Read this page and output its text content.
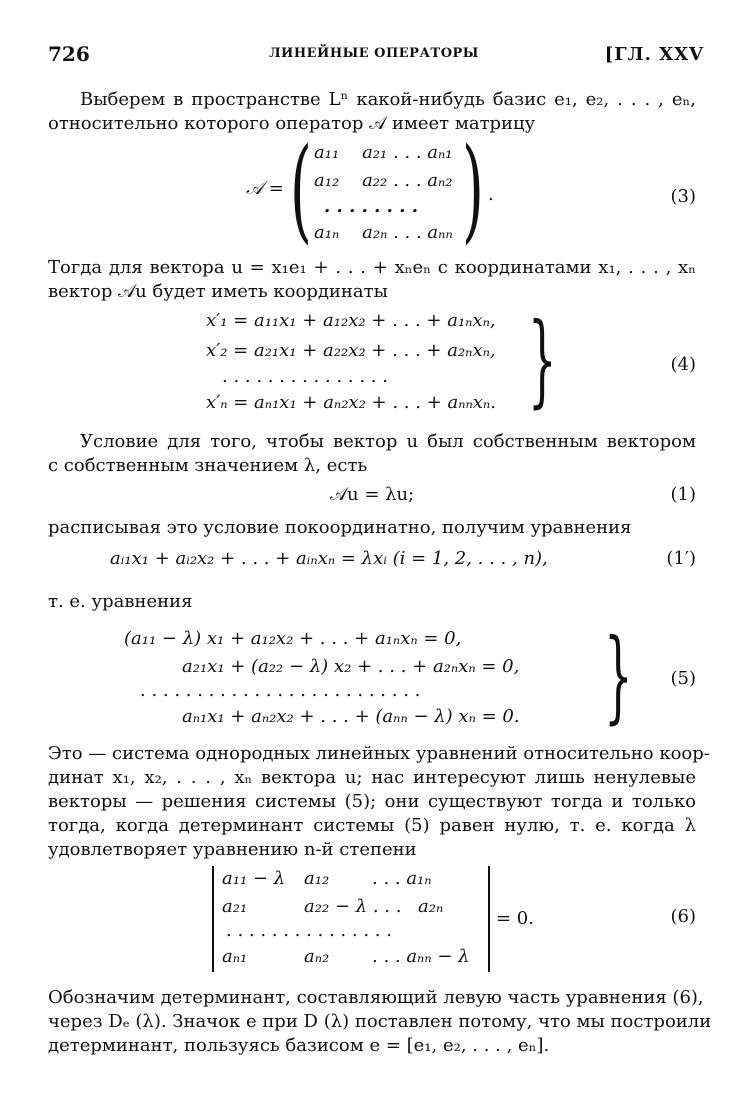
726	ЛИНЕЙНЫЕ ОПЕРАТОРЫ	[ГЛ. XXV
Выберем в пространстве Lⁿ какой-нибудь базис e₁, e₂, . . . , eₙ,
относительно которого оператор 𝒜 имеет матрицу
𝒜 = ( a₁₁ a₂₁ . . . aₙ₁
a₁₂ a₂₂ . . . aₙ₂
. . . . . . . .
a₁ₙ a₂ₙ . . . aₙₙ ) .	(3)
Тогда для вектора u = x₁e₁ + . . . + xₙeₙ с координатами x₁, . . . , xₙ
вектор 𝒜u будет иметь координаты
x′₁ = a₁₁x₁ + a₁₂x₂ + . . . + a₁ₙxₙ,
x′₂ = a₂₁x₁ + a₂₂x₂ + . . . + a₂ₙxₙ,
. . . . . . . . . . . . . . .
x′ₙ = aₙ₁x₁ + aₙ₂x₂ + . . . + aₙₙxₙ. }	(4)
Условие для того, чтобы вектор u был собственным вектором
с собственным значением λ, есть
𝒜u = λu;	(1)
расписывая это условие покоординатно, получим уравнения
aᵢ₁x₁ + aᵢ₂x₂ + . . . + aᵢₙxₙ = λxᵢ (i = 1, 2, . . . , n),	(1′)
т. е. уравнения
(a₁₁ − λ) x₁ + a₁₂x₂ + . . . + a₁ₙxₙ = 0,
a₂₁x₁ + (a₂₂ − λ) x₂ + . . . + a₂ₙxₙ = 0,
. . . . . . . . . . . . . . . . . . . . . . . . .
aₙ₁x₁ + aₙ₂x₂ + . . . + (aₙₙ − λ) xₙ = 0. } (5)
Это — система однородных линейных уравнений относительно коор-
динат x₁, x₂, . . . , xₙ вектора u; нас интересуют лишь ненулевые
векторы — решения системы (5); они существуют тогда и только
тогда, когда детерминант системы (5) равен нулю, т. е. когда λ
удовлетворяет уравнению n-й степени
a₁₁ − λ a₁₂ . . . a₁ₙ
a₂₁	a₂₂ − λ . . . a₂ₙ
. . . . . . . . . . . . . . .
aₙ₁	aₙ₂ . . . aₙₙ − λ
= 0.	(6)
Обозначим детерминант, составляющий левую часть уравнения (6),
через Dₑ (λ). Значок e при D (λ) поставлен потому, что мы построили
детерминант, пользуясь базисом e = [e₁, e₂, . . . , eₙ].
